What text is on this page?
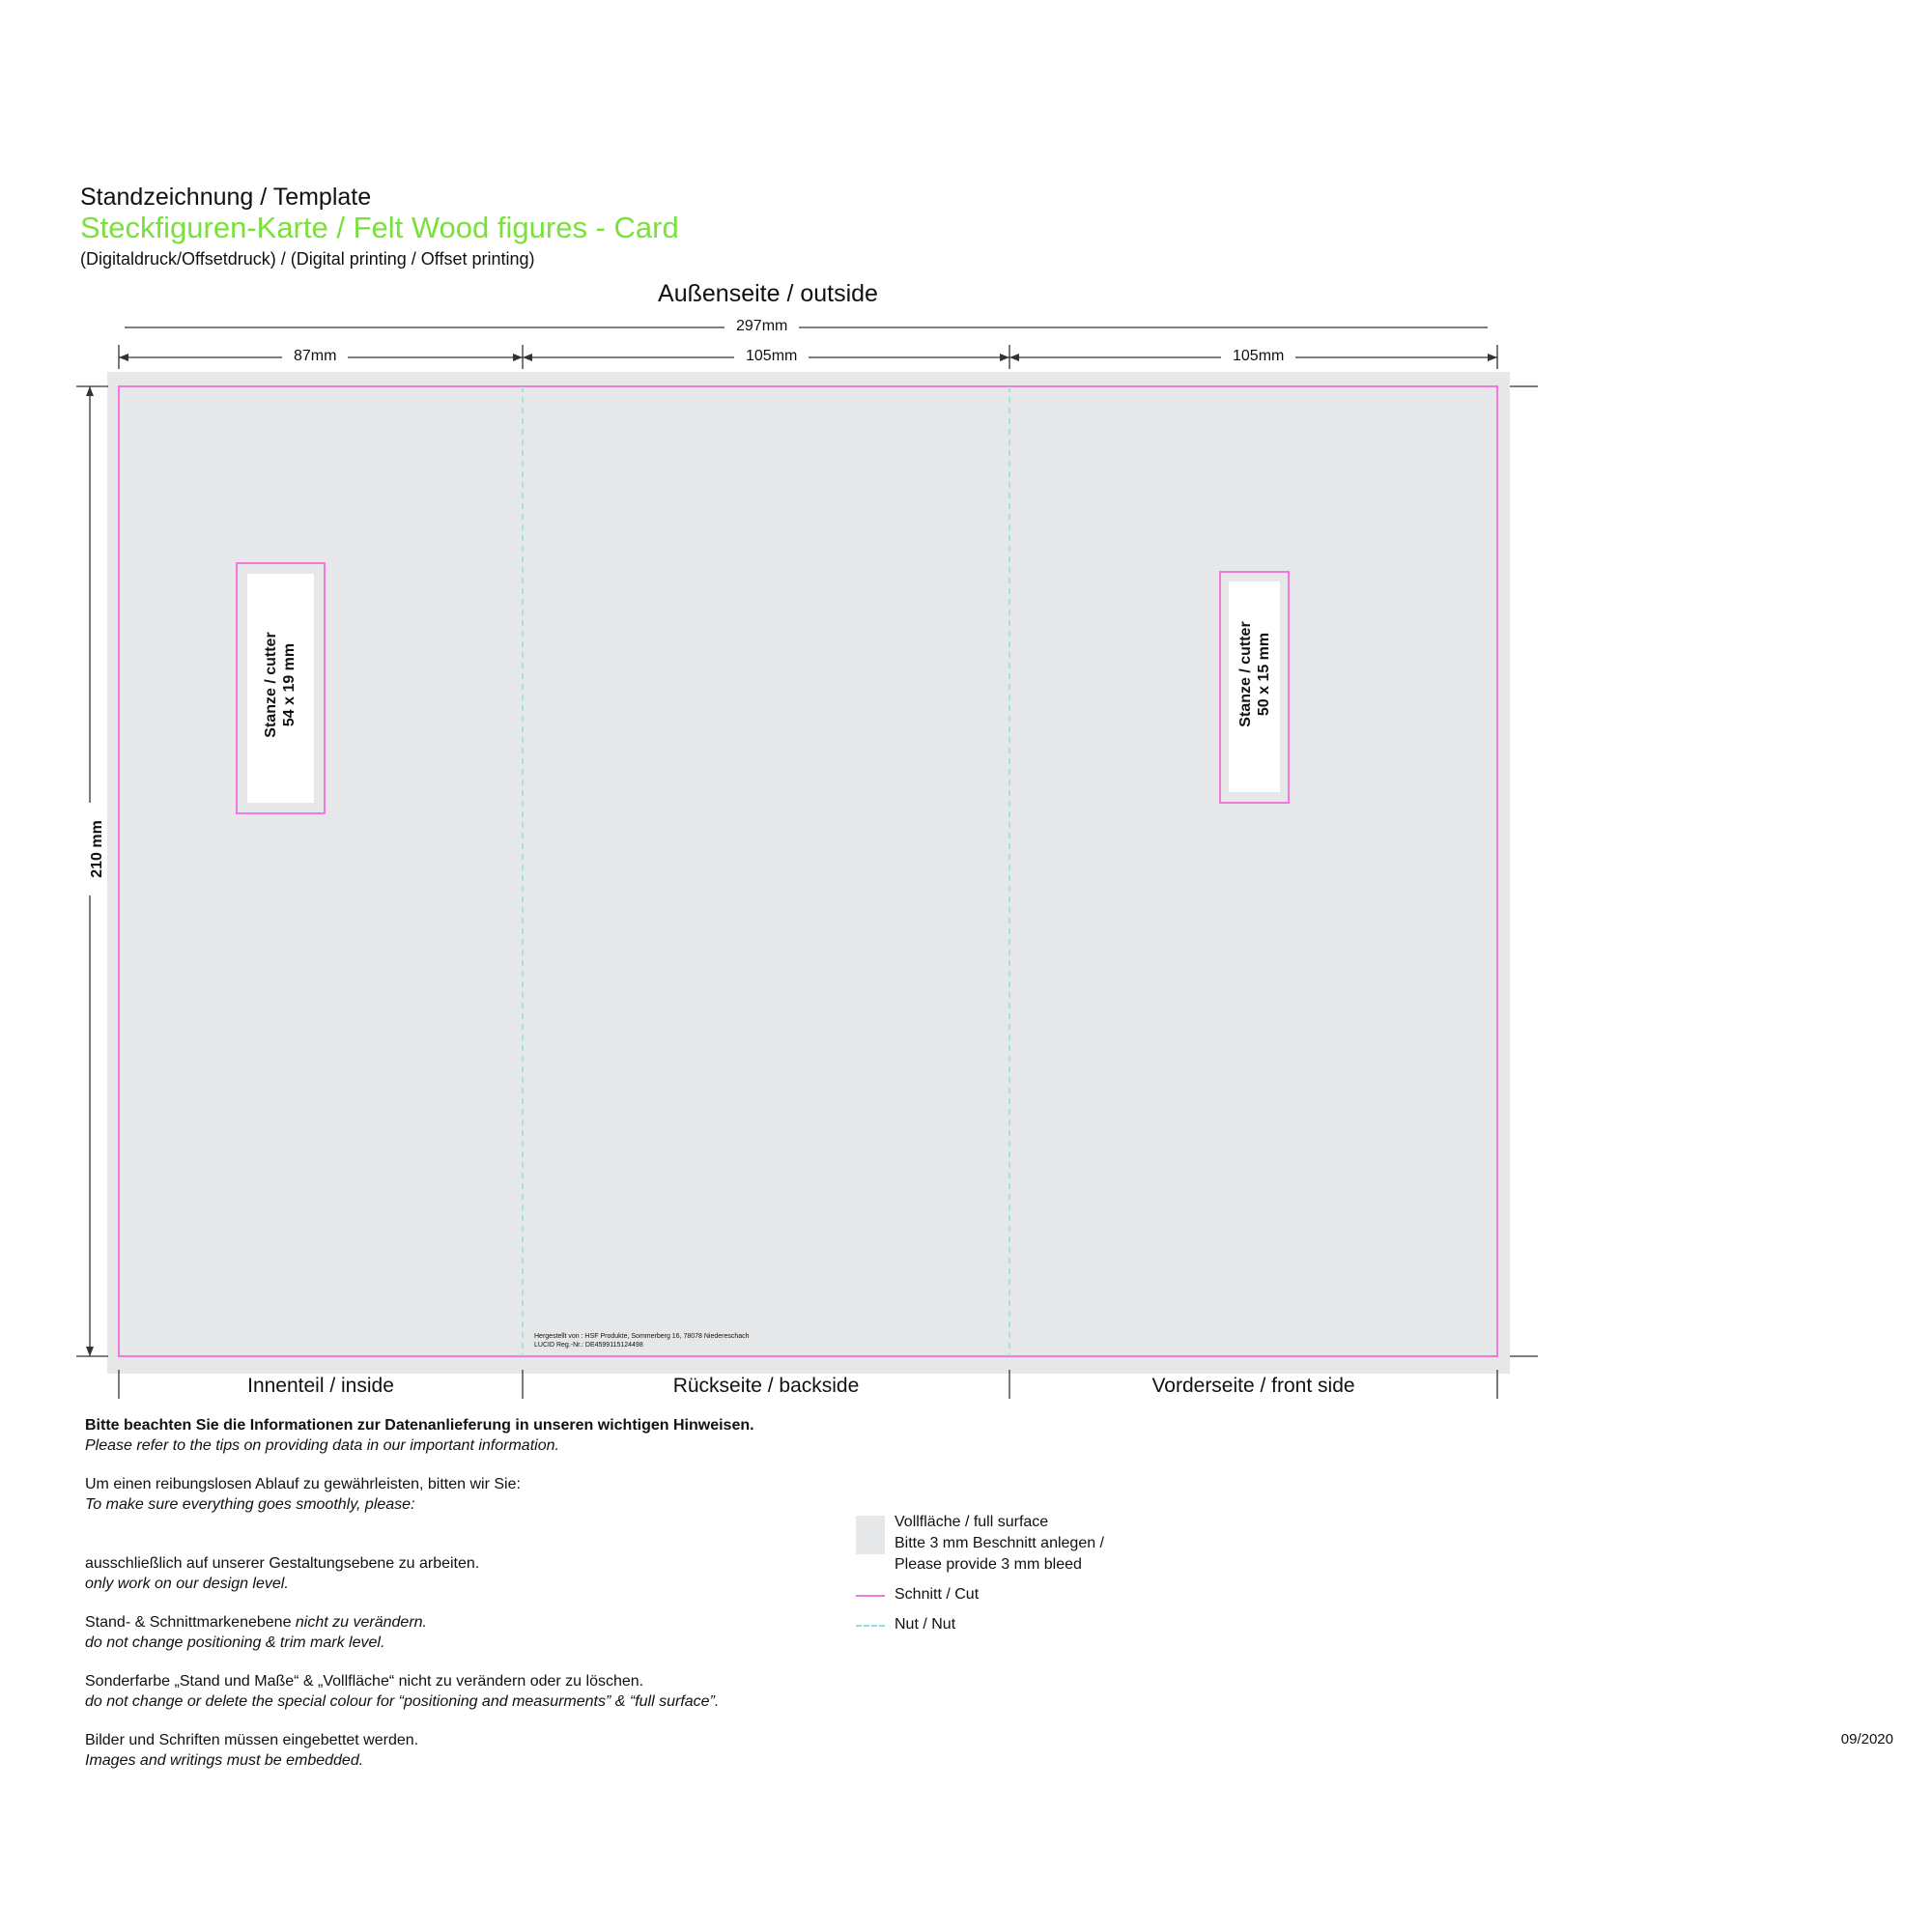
Standzeichnung / Template
Steckfiguren-Karte / Felt Wood figures - Card
(Digitaldruck/Offsetdruck) / (Digital printing / Offset printing)
Außenseite / outside
297mm
87mm	105mm	105mm
210 mm
Stanze / cutter 54 x 19 mm	Stanze / cutter 50 x 15 mm
Hergestellt von : HSF Produkte, Sommerberg 16, 78078 Niedereschach
LUCID Reg.-Nr.: DE4599115124498
Innenteil / inside	Rückseite / backside	Vorderseite / front side

Bitte beachten Sie die Informationen zur Datenanlieferung in unseren wichtigen Hinweisen.
Please refer to the tips on providing data in our important information.

Um einen reibungslosen Ablauf zu gewährleisten, bitten wir Sie:
To make sure everything goes smoothly, please:

ausschließlich auf unserer Gestaltungsebene zu arbeiten.
only work on our design level.

Stand- & Schnittmarkenebene nicht zu verändern.
do not change positioning & trim mark level.

Sonderfarbe „Stand und Maße“ & „Vollfläche“ nicht zu verändern oder zu löschen.
do not change or delete the special colour for “positioning and measurments” & “full surface”.

Bilder und Schriften müssen eingebettet werden.
Images and writings must be embedded.

Vollfläche / full surface
Bitte 3 mm Beschnitt anlegen /
Please provide 3 mm bleed
Schnitt / Cut
Nut / Nut
09/2020
